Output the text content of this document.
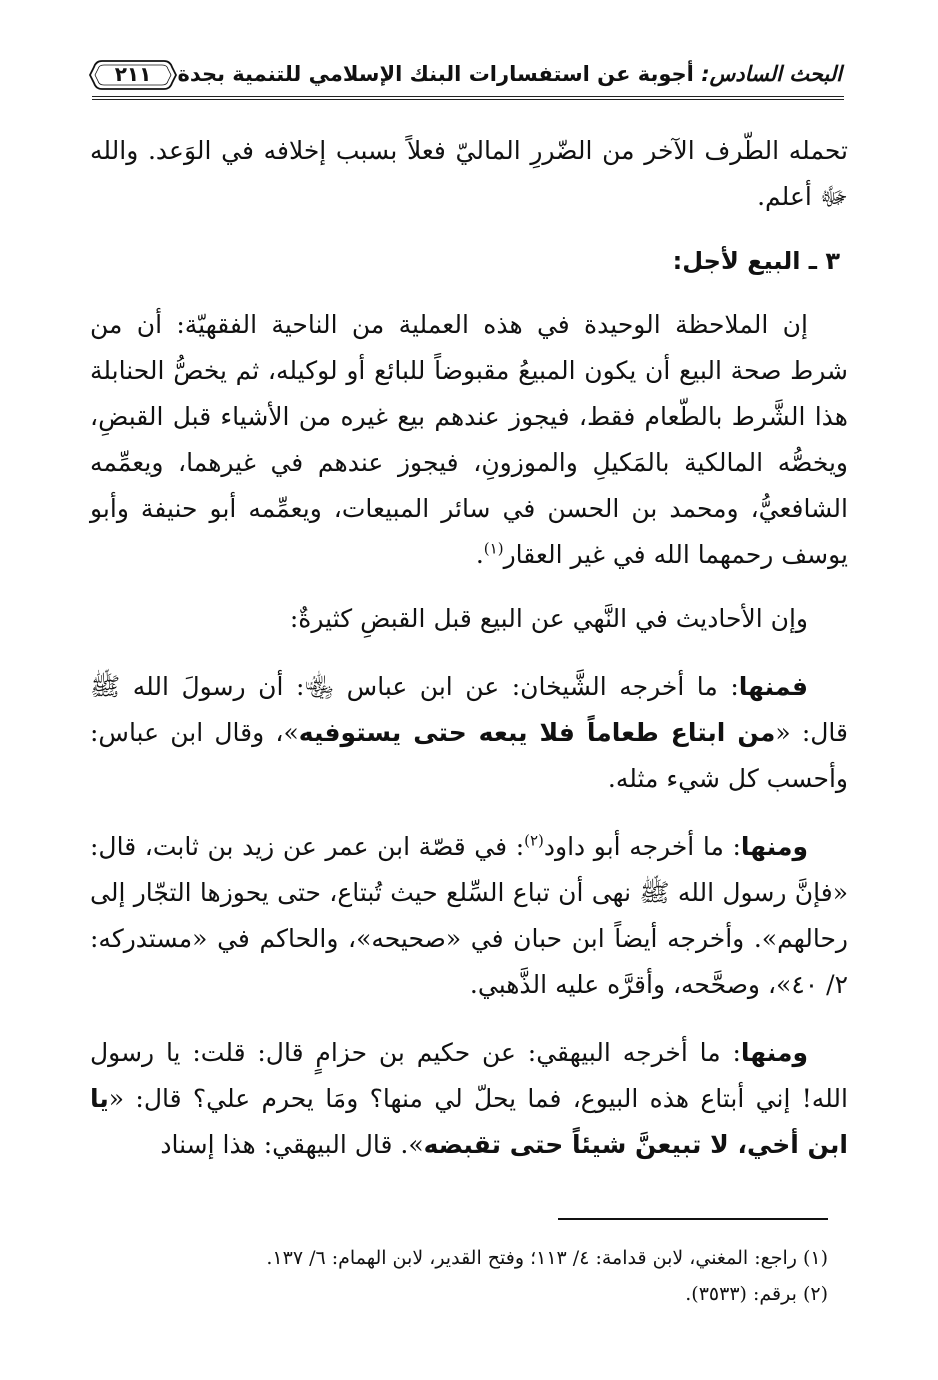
البحث السادس: أجوبة عن استفسارات البنك الإسلامي للتنمية بجدة
٢١١

تحمله الطّرف الآخر من الضّررِ الماليّ فعلاً بسبب إخلافه في الوَعد. والله ﷻ أعلم.

٣ ـ البيع لأجل:

إن الملاحظة الوحيدة في هذه العملية من الناحية الفقهيّة: أن من شرط صحة البيع أن يكون المبيعُ مقبوضاً للبائع أو لوكيله، ثم يخصُّ الحنابلة هذا الشَّرط بالطّعام فقط، فيجوز عندهم بيع غيره من الأشياء قبل القبضِ، ويخصُّه المالكية بالمَكيلِ والموزونِ، فيجوز عندهم في غيرهما، ويعمِّمه الشافعيُّ، ومحمد بن الحسن في سائر المبيعات، ويعمِّمه أبو حنيفة وأبو يوسف رحمهما الله في غير العقار$^{(١)}$.

وإن الأحاديث في النَّهي عن البيع قبل القبضِ كثيرةٌ:

فمنها: ما أخرجه الشَّيخان: عن ابن عباس ﵄: أن رسولَ الله ﷺ قال: «من ابتاع طعاماً فلا يبعه حتى يستوفيه»، وقال ابن عباس: وأحسب كل شيء مثله.

ومنها: ما أخرجه أبو داود$^{(٢)}$: في قصّة ابن عمر عن زيد بن ثابت، قال: «فإنَّ رسول الله ﷺ نهى أن تباع السِّلع حيث تُبتاع، حتى يحوزها التجّار إلى رحالهم». وأخرجه أيضاً ابن حبان في «صحيحه»، والحاكم في «مستدركه: ٢/ ٤٠»، وصحَّحه، وأقرَّه عليه الذَّهبي.

ومنها: ما أخرجه البيهقي: عن حكيم بن حزامٍ قال: قلت: يا رسول الله! إني أبتاع هذه البيوع، فما يحلّ لي منها؟ ومَا يحرم علي؟ قال: «يا ابن أخي، لا تبيعنَّ شيئاً حتى تقبضه». قال البيهقي: هذا إسناد

(١) راجع: المغني، لابن قدامة: ٤/ ١١٣؛ وفتح القدير، لابن الهمام: ٦/ ١٣٧.
(٢) برقم: (٣٥٣٣).
